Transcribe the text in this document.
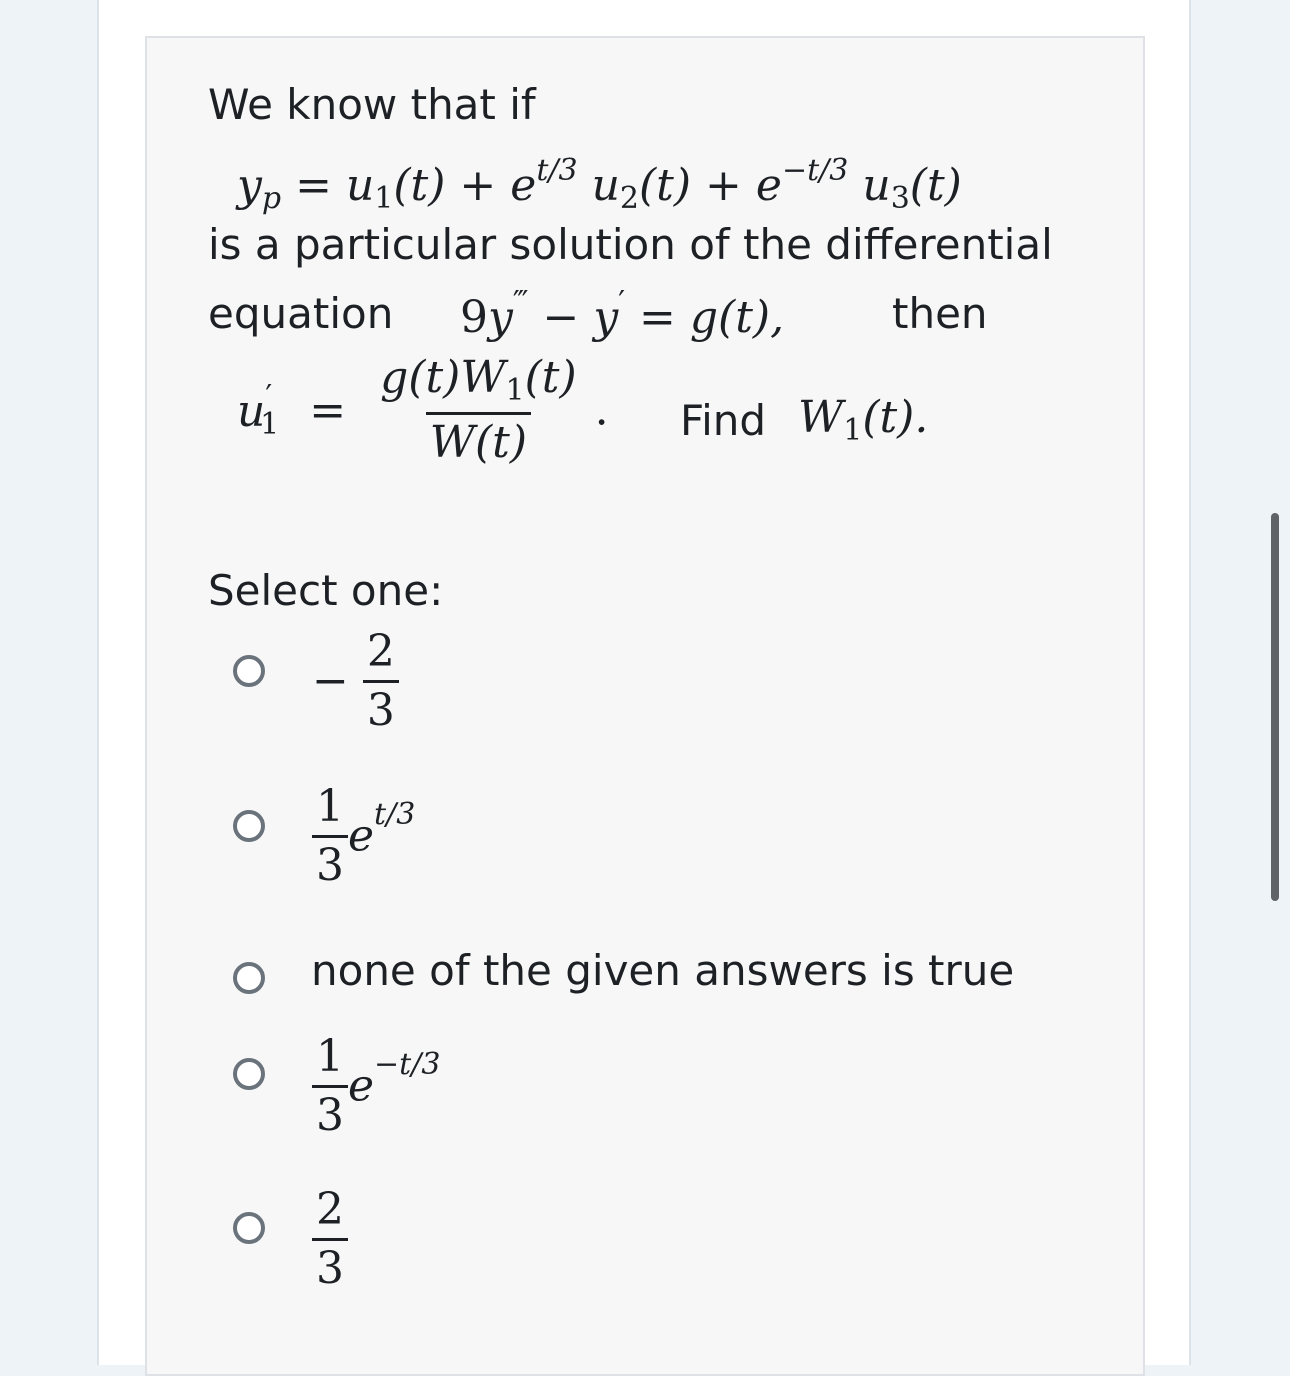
We know that if
$y_p = u_1(t) + e^{t/3}$ $u_2(t) + e^{-t/3}$ $u_3(t)$
is a particular solution of the differential
equation 9y‴ − y′ = g(t),	then
$u'_1 = \frac{g(t)W_1(t)}{W(t)}$ . Find $W_1(t)$.
Select one:
− $\frac{2}{3}$
$\frac{1}{3} e^{t/3}$
none of the given answers is true
$\frac{1}{3} e^{-t/3}$
$\frac{2}{3}$
